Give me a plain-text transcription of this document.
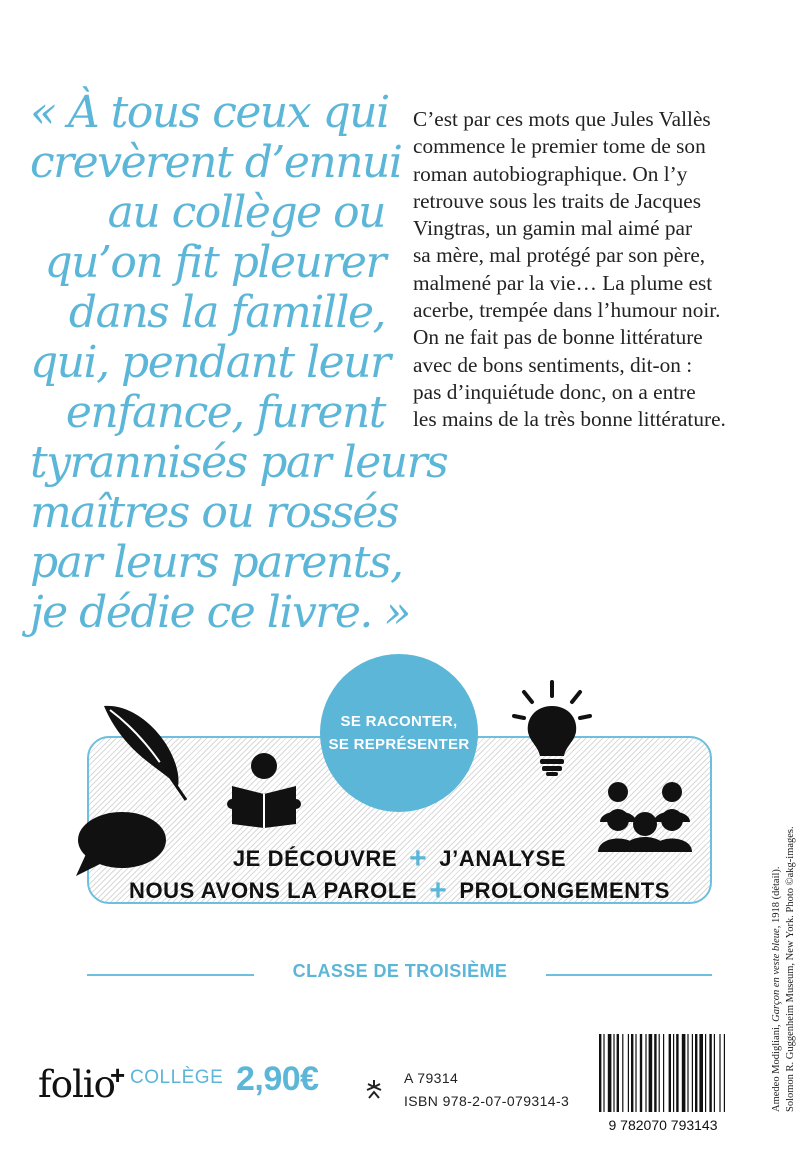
« À tous ceux qui
crevèrent d’ennui
au collège ou
qu’on fit pleurer
dans la famille,
qui, pendant leur
enfance, furent
tyrannisés par leurs
maîtres ou rossés
par leurs parents,
je dédie ce livre. »
C’est par ces mots que Jules Vallès
commence le premier tome de son
roman autobiographique. On l’y
retrouve sous les traits de Jacques
Vingtras, un gamin mal aimé par
sa mère, mal protégé par son père,
malmené par la vie… La plume est
acerbe, trempée dans l’humour noir.
On ne fait pas de bonne littérature
avec de bons sentiments, dit-on :
pas d’inquiétude donc, on a entre
les mains de la très bonne littérature.
SE RACONTER,
SE REPRÉSENTER
JE DÉCOUVRE + J’ANALYSE
NOUS AVONS LA PAROLE + PROLONGEMENTS
CLASSE DE TROISIÈME
Amedeo Modigliani, Garçon en veste bleue, 1918 (détail). Solomon R. Guggenheim Museum, New York. Photo ©akg-images.
folio
+ COLLÈGE 2,90€	A 79314
ISBN 978-2-07-079314-3
9 782070 793143
